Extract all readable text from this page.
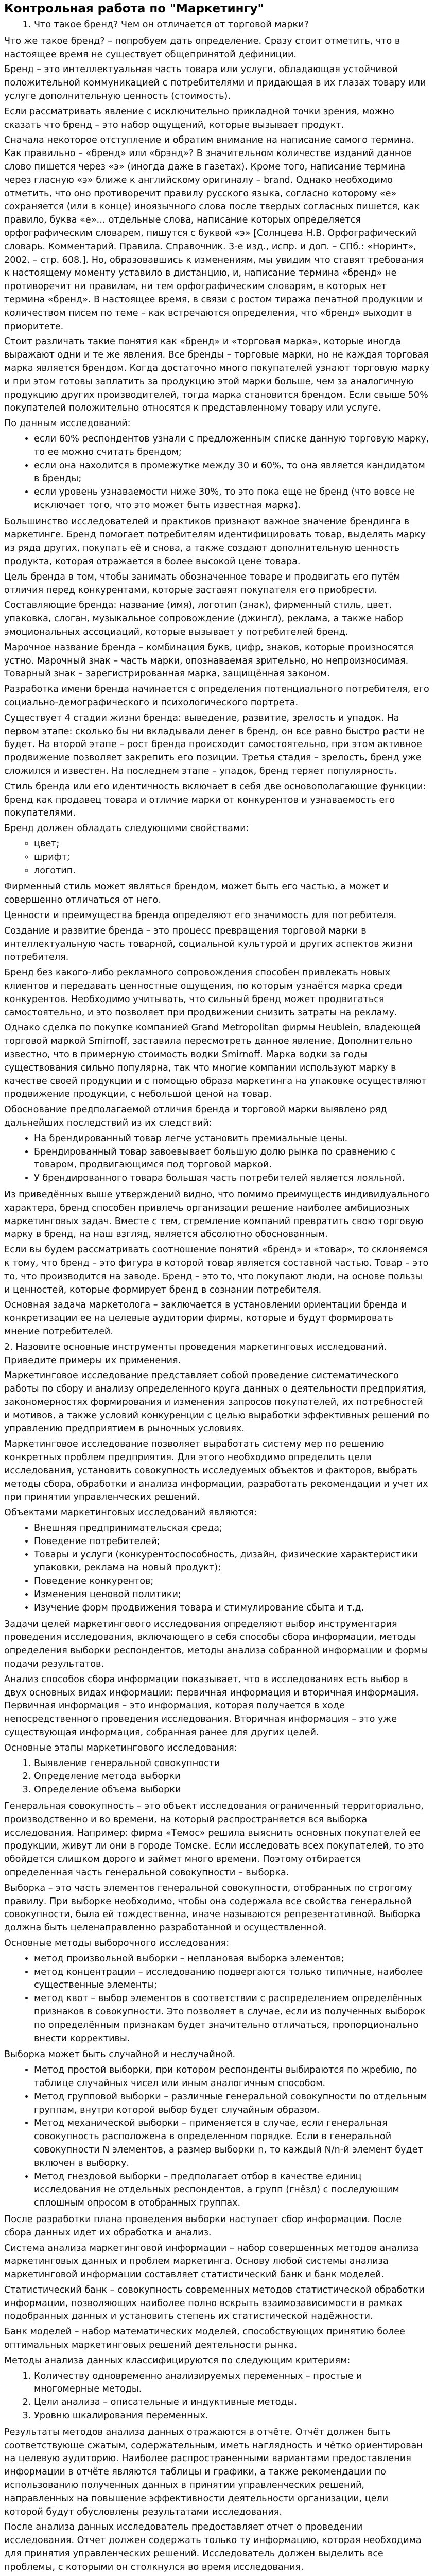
Контрольная работа по "Маркетингу"
1. Что такое бренд? Чем он отличается от торговой марки?

Что же такое бренд? – попробуем дать определение. Сразу стоит отметить, что в настоящее время не существует общепринятой дефиниции.

Бренд – это интеллектуальная часть товара или услуги, обладающая устойчивой положительной коммуникацией с потребителями и придающая в их глазах товару или услуге дополнительную ценность (стоимость).

Если рассматривать явление с исключительно прикладной точки зрения, можно сказать что бренд – это набор ощущений, которые вызывает продукт.

Сначала некоторое отступление и обратим внимание на написание самого термина. Как правильно – «бренд» или «брэнд»? В значительном количестве изданий данное слово пишется через «э» (иногда даже в газетах). Кроме того, написание термина через гласную «э» ближе к английскому оригиналу – brand. Однако необходимо отметить, что оно противоречит правилу русского языка, согласно которому «е» сохраняется (или в конце) иноязычного слова после твердых согласных пишется, как правило, буква «е»… отдельные слова, написание которых определяется орфографическим словарем, пишутся с буквой «э» [Солнцева Н.В. Орфографический словарь. Комментарий. Правила. Справочник. 3-е изд., испр. и доп. – СПб.: «Норинт», 2002. – стр. 608.]. Но, образовавшись к изменениям, мы увидим что ставят требования к настоящему моменту уставило в дистанцию, и, написание термина «бренд» не противоречит ни правилам, ни тем орфографическим словарям, в которых нет термина «бренд». В настоящее время, в связи с ростом тиража печатной продукции и количеством писем по теме – как встречаются определения, что «бренд» выходит в приоритете.

Стоит различать такие понятия как «бренд» и «торговая марка», которые иногда выражают одни и те же явления. Все бренды – торговые марки, но не каждая торговая марка является брендом. Когда достаточно много покупателей узнают торговую марку и при этом готовы заплатить за продукцию этой марки больше, чем за аналогичную продукцию других производителей, тогда марка становится брендом. Если свыше 50% покупателей положительно относятся к представленному товару или услуге.

По данным исследований:

• если 60% респондентов узнали с предложенным списке данную торговую марку, то ее можно считать брендом;
• если она находится в промежутке между 30 и 60%, то она является кандидатом в бренды;
• если уровень узнаваемости ниже 30%, то это пока еще не бренд (что вовсе не исключает того, что это может быть известная марка).

Большинство исследователей и практиков признают важное значение брендинга в маркетинге. Бренд помогает потребителям идентифицировать товар, выделять марку из ряда других, покупать её и снова, а также создают дополнительную ценность продукта, которая отражается в более высокой цене товара.

Цель бренда в том, чтобы занимать обозначенное товаре и продвигать его путём отличия перед конкурентами, которые заставят покупателя его приобрести.

Составляющие бренда: название (имя), логотип (знак), фирменный стиль, цвет, упаковка, слоган, музыкальное сопровождение (джингл), реклама, а также набор эмоциональных ассоциаций, которые вызывает у потребителей бренд.

Марочное название бренда – комбинация букв, цифр, знаков, которые произносятся устно. Марочный знак – часть марки, опознаваемая зрительно, но непроизносимая. Товарный знак – зарегистрированная марка, защищённая законом.

Разработка имени бренда начинается с определения потенциального потребителя, его социально-демографического и психологического портрета.

Существует 4 стадии жизни бренда: выведение, развитие, зрелость и упадок. На первом этапе: сколько бы ни вкладывали денег в бренд, он все равно быстро расти не будет. На второй этапе – рост бренда происходит самостоятельно, при этом активное продвижение позволяет закрепить его позиции. Третья стадия – зрелость, бренд уже сложился и известен. На последнем этапе – упадок, бренд теряет популярность.

Стиль бренда или его идентичность включает в себя две основополагающие функции: бренд как продавец товара и отличие марки от конкурентов и узнаваемость его покупателями.

Бренд должен обладать следующими свойствами:

◦ цвет;
◦ шрифт;
◦ логотип.

Фирменный стиль может являться брендом, может быть его частью, а может и совершенно отличаться от него.

Ценности и преимущества бренда определяют его значимость для потребителя.

Создание и развитие бренда – это процесс превращения торговой марки в интеллектуальную часть товарной, социальной культурой и других аспектов жизни потребителя.

Бренд без какого-либо рекламного сопровождения способен привлекать новых клиентов и передавать ценностные ощущения, по которым узнаётся марка среди конкурентов. Необходимо учитывать, что сильный бренд может продвигаться самостоятельно, и это позволяет при продвижении снизить затраты на рекламу.

Однако сделка по покупке компанией Grand Metropolitan фирмы Heublein, владеющей торговой маркой Smirnoff, заставила пересмотреть данное явление. Дополнительно известно, что в примерную стоимость водки Smirnoff. Марка водки за годы существования сильно популярна, так что многие компании используют марку в качестве своей продукции и с помощью образа маркетинга на упаковке осуществляют продвижение продукции, с небольшой ценой на товар.

Обоснование предполагаемой отличия бренда и торговой марки выявлено ряд дальнейших последствий из их следствий:

• На брендированный товар легче установить премиальные цены.
• Брендированный товар завоевывает большую долю рынка по сравнению с товаром, продвигающимся под торговой маркой.
• У брендированного товара большая часть потребителей является лояльной.

Из приведённых выше утверждений видно, что помимо преимуществ индивидуального характера, бренд способен привлечь организации решение наиболее амбициозных маркетинговых задач. Вместе с тем, стремление компаний превратить свою торговую марку в бренд, на наш взгляд, является абсолютно обоснованным.

Если вы будем рассматривать соотношение понятий «бренд» и «товар», то склоняемся к тому, что бренд – это фигура в которой товар является составной частью. Товар – это то, что производится на заводе. Бренд – это то, что покупают люди, на основе пользы и ценностей, которые формирует бренд в сознании потребителя.

Основная задача маркетолога – заключается в установлении ориентации бренда и конкретизации ее на целевые аудитории фирмы, которые и будут формировать мнение потребителей.

2. Назовите основные инструменты проведения маркетинговых исследований. Приведите примеры их применения.

Маркетинговое исследование представляет собой проведение систематического работы по сбору и анализу определенного круга данных о деятельности предприятия, закономерностях формирования и изменения запросов покупателей, их потребностей и мотивов, а также условий конкуренции с целью выработки эффективных решений по управлению предприятием в рыночных условиях.

Маркетинговое исследование позволяет выработать систему мер по решению конкретных проблем предприятия. Для этого необходимо определить цели исследования, установить совокупность исследуемых объектов и факторов, выбрать методы сбора, обработки и анализа информации, разработать рекомендации и учет их при принятии управленческих решений.

Объектами маркетинговых исследований являются:

• Внешняя предпринимательская среда;
• Поведение потребителей;
• Товары и услуги (конкурентоспособность, дизайн, физические характеристики упаковки, реклама на новый продукт);
• Поведение конкурентов;
• Изменения ценовой политики;
• Изучение форм продвижения товара и стимулирование сбыта и т.д.

Задачи целей маркетингового исследования определяют выбор инструментария проведения исследования, включающего в себя способы сбора информации, методы определения выборки респондентов, методы анализа собранной информации и формы подачи результатов.

Анализ способов сбора информации показывает, что в исследованиях есть выбор в двух основных видах информации: первичная информация и вторичная информация. Первичная информация – это информация, которая получается в ходе непосредственного проведения исследования. Вторичная информация – это уже существующая информация, собранная ранее для других целей.

Основные этапы маркетингового исследования:

1. Выявление генеральной совокупности
2. Определение метода выборки
3. Определение объема выборки

Генеральная совокупность – это объект исследования ограниченный территориально, производственно и во времени, на который распространяется вся выборка исследования. Например: фирма «Темос» решила выяснить основных покупателей ее продукции, живут ли они в городе Томске. Если исследовать всех покупателей, то это обойдется слишком дорого и займет много времени. Поэтому отбирается определенная часть генеральной совокупности – выборка.

Выборка – это часть элементов генеральной совокупности, отобранных по строгому правилу. При выборке необходимо, чтобы она содержала все свойства генеральной совокупности, была ей тождественна, иначе называются репрезентативной. Выборка должна быть целенаправленно разработанной и осуществленной.

Основные методы выборочного исследования:

• метод произвольной выборки – неплановая выборка элементов;
• метод концентрации – исследованию подвергаются только типичные, наиболее существенные элементы;
• метод квот – выбор элементов в соответствии с распределением определённых признаков в совокупности. Это позволяет в случае, если из полученных выборок по определённым признакам будет значительно отличаться, пропорционально внести коррективы.

Выборка может быть случайной и неслучайной.

• Метод простой выборки, при котором респонденты выбираются по жребию, по таблице случайных чисел или иным аналогичным способом.
• Метод групповой выборки – различные генеральной совокупности по отдельным группам, внутри которой выбор будет случайным образом.
• Метод механической выборки – применяется в случае, если генеральная совокупность расположена в определенном порядке. Если в генеральной совокупности N элементов, а размер выборки n, то каждый N/n-й элемент будет включен в выборку.
• Метод гнездовой выборки – предполагает отбор в качестве единиц исследования не отдельных респондентов, а групп (гнёзд) с последующим сплошным опросом в отобранных группах.

После разработки плана проведения выборки наступает сбор информации. После сбора данных идет их обработка и анализ.

Система анализа маркетинговой информации – набор совершенных методов анализа маркетинговых данных и проблем маркетинга. Основу любой системы анализа маркетинговой информации составляет статистический банк и банк моделей.

Статистический банк – совокупность современных методов статистической обработки информации, позволяющих наиболее полно вскрыть взаимозависимости в рамках подобранных данных и установить степень их статистической надёжности.

Банк моделей – набор математических моделей, способствующих принятию более оптимальных маркетинговых решений деятельности рынка.

Методы анализа данных классифицируются по следующим критериям:

1. Количеству одновременно анализируемых переменных – простые и многомерные методы.
2. Цели анализа – описательные и индуктивные методы.
3. Уровню шкалирования переменных.

Результаты методов анализа данных отражаются в отчёте. Отчёт должен быть соответствующе сжатым, содержательным, иметь наглядность и чётко ориентирован на целевую аудиторию. Наиболее распространенными вариантами предоставления информации в отчёте являются таблицы и графики, а также рекомендации по использованию полученных данных в принятии управленческих решений, направленных на повышение эффективности деятельности организации, цели которой будут обусловлены результатами исследования.

После анализа данных исследователь предоставляет отчет о проведении исследования. Отчет должен содержать только ту информацию, которая необходима для принятия управленческих решений. Исследователь должен выделить все проблемы, с которыми он столкнулся во время исследования.
